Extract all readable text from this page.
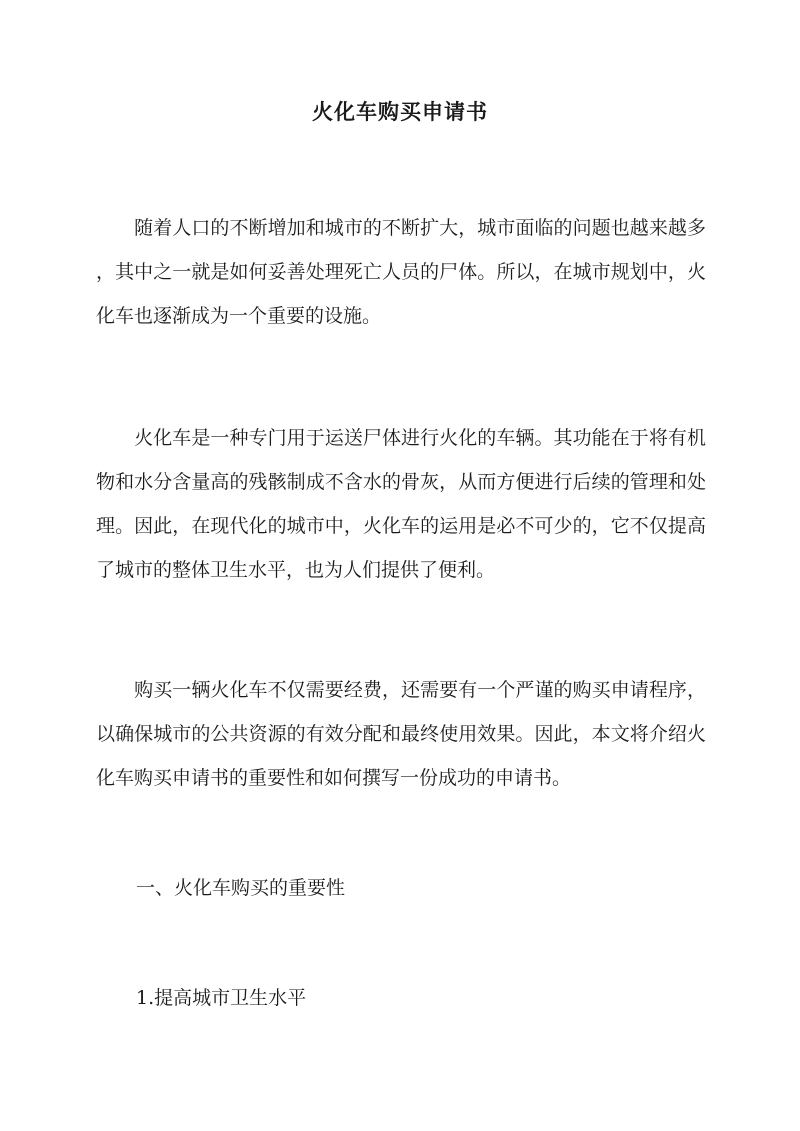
火化车购买申请书

　　随着人口的不断增加和城市的不断扩大，城市面临的问题也越来越多
，其中之一就是如何妥善处理死亡人员的尸体。所以，在城市规划中，火
化车也逐渐成为一个重要的设施。

　　火化车是一种专门用于运送尸体进行火化的车辆。其功能在于将有机
物和水分含量高的残骸制成不含水的骨灰，从而方便进行后续的管理和处
理。因此，在现代化的城市中，火化车的运用是必不可少的，它不仅提高
了城市的整体卫生水平，也为人们提供了便利。

　　购买一辆火化车不仅需要经费，还需要有一个严谨的购买申请程序，
以确保城市的公共资源的有效分配和最终使用效果。因此，本文将介绍火
化车购买申请书的重要性和如何撰写一份成功的申请书。

一、火化车购买的重要性
1.提高城市卫生水平
